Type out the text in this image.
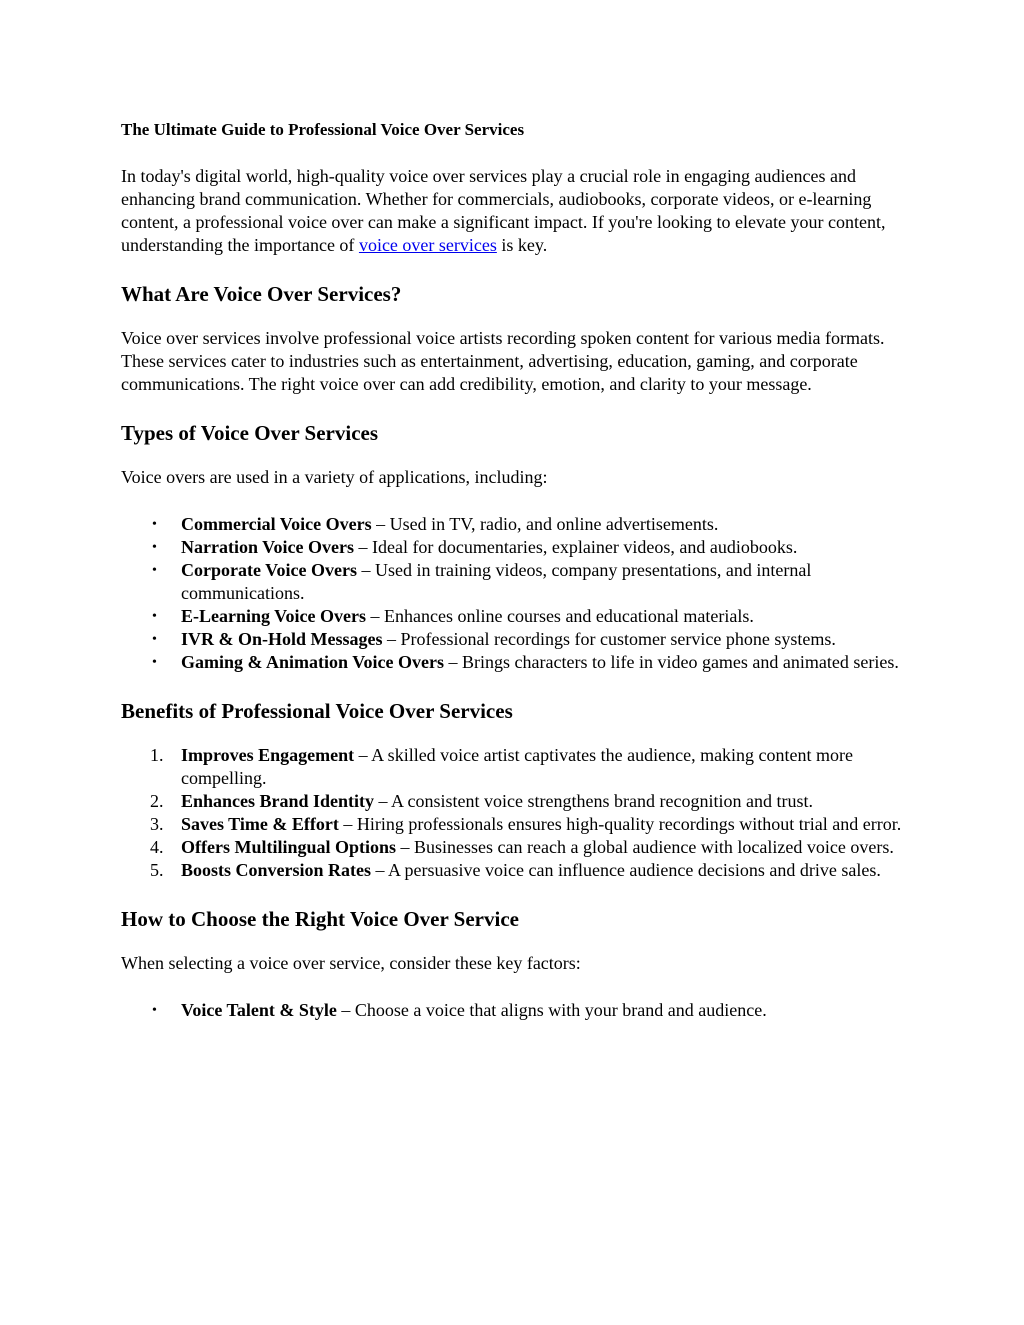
The Ultimate Guide to Professional Voice Over Services

In today's digital world, high-quality voice over services play a crucial role in engaging audiences and enhancing brand communication. Whether for commercials, audiobooks, corporate videos, or e-learning content, a professional voice over can make a significant impact. If you're looking to elevate your content, understanding the importance of voice over services is key.

What Are Voice Over Services?

Voice over services involve professional voice artists recording spoken content for various media formats. These services cater to industries such as entertainment, advertising, education, gaming, and corporate communications. The right voice over can add credibility, emotion, and clarity to your message.

Types of Voice Over Services

Voice overs are used in a variety of applications, including:

• Commercial Voice Overs – Used in TV, radio, and online advertisements.
• Narration Voice Overs – Ideal for documentaries, explainer videos, and audiobooks.
• Corporate Voice Overs – Used in training videos, company presentations, and internal communications.
• E-Learning Voice Overs – Enhances online courses and educational materials.
• IVR & On-Hold Messages – Professional recordings for customer service phone systems.
• Gaming & Animation Voice Overs – Brings characters to life in video games and animated series.
Benefits of Professional Voice Over Services
1. Improves Engagement – A skilled voice artist captivates the audience, making content more compelling.
2. Enhances Brand Identity – A consistent voice strengthens brand recognition and trust.
3. Saves Time & Effort – Hiring professionals ensures high-quality recordings without trial and error.
4. Offers Multilingual Options – Businesses can reach a global audience with localized voice overs.
5. Boosts Conversion Rates – A persuasive voice can influence audience decisions and drive sales.
How to Choose the Right Voice Over Service

When selecting a voice over service, consider these key factors:

• Voice Talent & Style – Choose a voice that aligns with your brand and audience.
